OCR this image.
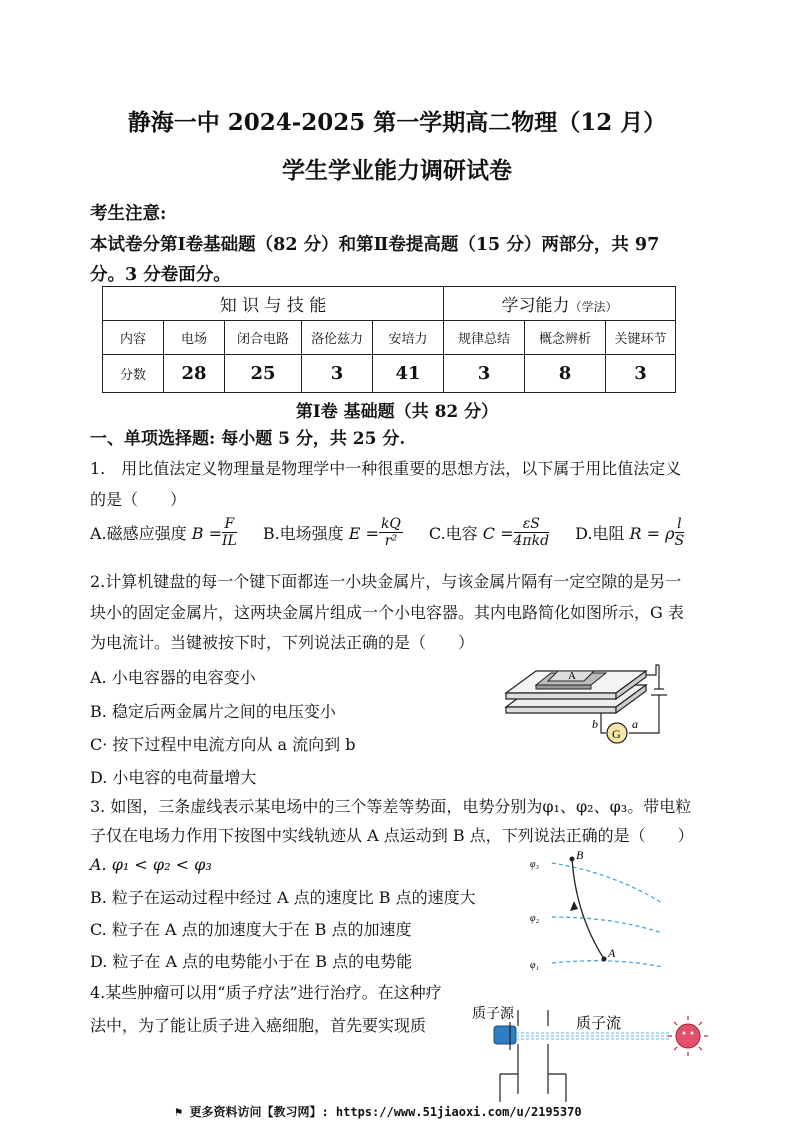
静海一中 2024-2025 第一学期高二物理（12 月）
学生学业能力调研试卷
考生注意:
本试卷分第Ⅰ卷基础题（82 分）和第Ⅱ卷提高题（15 分）两部分，共 97
分。3 分卷面分。
知 识 与 技 能					学习能力（学法）		
内容	电场	闭合电路	洛伦兹力	安培力	规律总结	概念辨析	关键环节
分数	28	25	3	41	3	8	3
第Ⅰ卷 基础题（共 82 分）
一、单项选择题: 每小题 5 分，共 25 分.
1.　用比值法定义物理量是物理学中一种很重要的思想方法，以下属于用比值法定义
的是（　　）
A.磁感应强度 $B = \frac{F}{IL} B$.电场强度 $E = \frac{kQ}{\text{r²}} C$.电容 $C = \frac{\varepsilon S}{\text{4πkd}} D$.电阻 R = ρ $\frac{l}{S}$
2.计算机键盘的每一个键下面都连一小块金属片，与该金属片隔有一定空隙的是另一
块小的固定金属片，这两块金属片组成一个小电容器。其内电路简化如图所示，G 表
为电流计。当键被按下时，下列说法正确的是（　　）
A. 小电容器的电容变小
B. 稳定后两金属片之间的电压变小
C· 按下过程中电流方向从 a 流向到 b
D. 小电容的电荷量增大
A
G
b	a
3. 如图，三条虚线表示某电场中的三个等差等势面，电势分别为φ₁、φ₂、φ₃。带电粒
子仅在电场力作用下按图中实线轨迹从 A 点运动到 B 点，下列说法正确的是（　　）
A. φ₁ < φ₂ < φ₃
B. 粒子在运动过程中经过 A 点的速度比 B 点的速度大
C. 粒子在 A 点的加速度大于在 B 点的加速度
D. 粒子在 A 点的电势能小于在 B 点的电势能
φ₃
φ₂
φ₁
B
A
4.某些肿瘤可以用“质子疗法”进行治疗。在这种疗
法中，为了能让质子进入癌细胞，首先要实现质
质子源
质子流
⚑ 更多资料访问【教习网】: https://www.51jiaoxi.com/u/2195370
